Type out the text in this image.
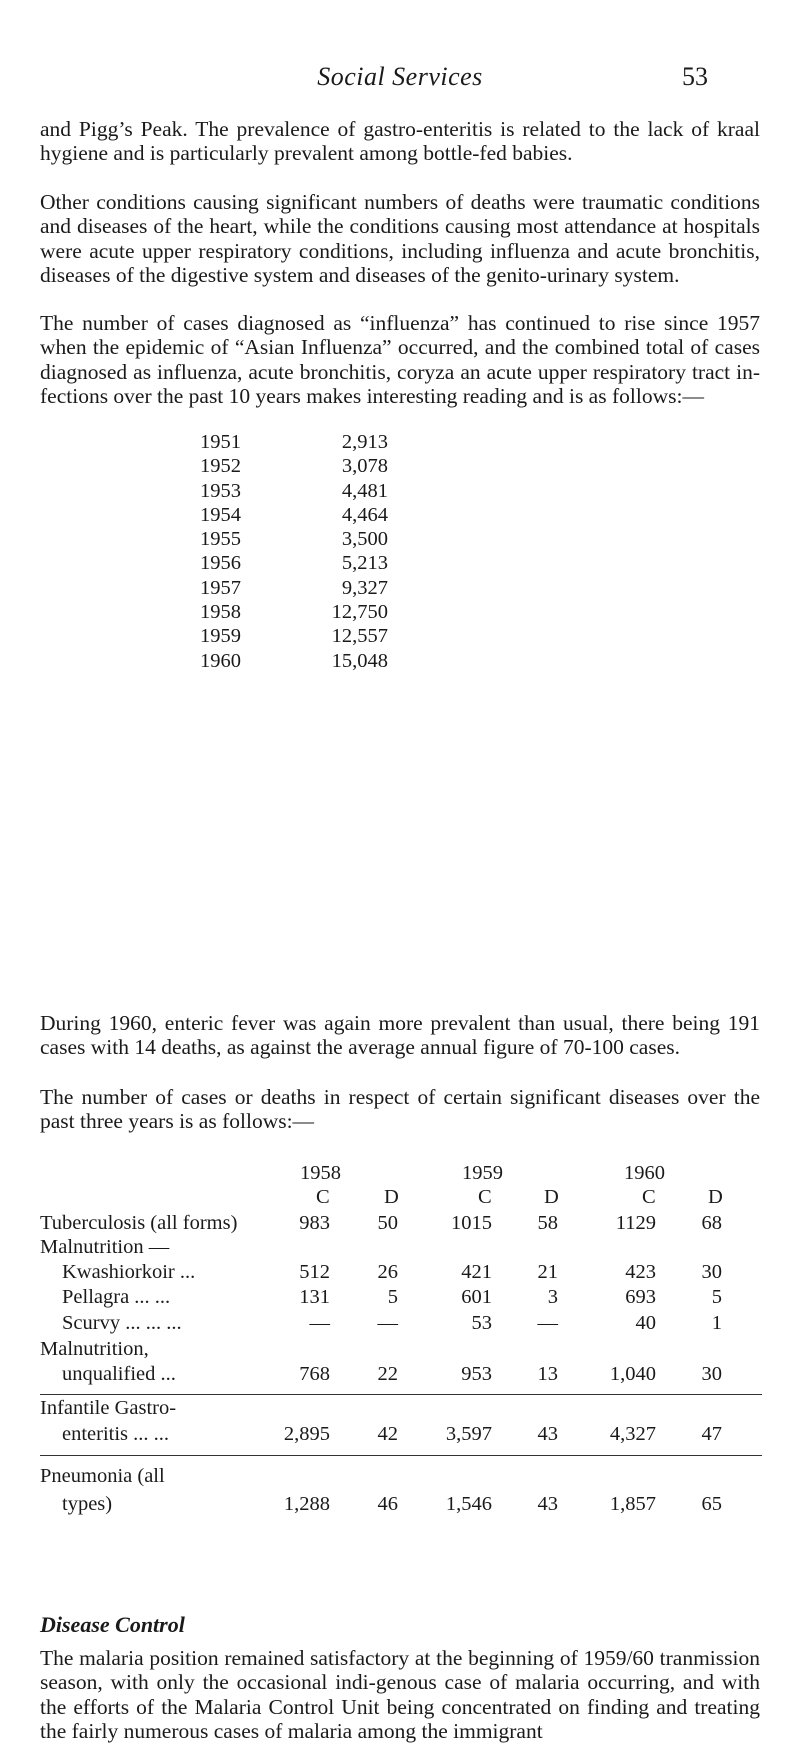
Social Services	53

and Pigg’s Peak. The prevalence of gastro-enteritis is related to the lack of kraal hygiene and is particularly prevalent among bottle-fed babies.

Other conditions causing significant numbers of deaths were traumatic conditions and diseases of the heart, while the conditions causing most attendance at hospitals were acute upper respiratory conditions, including influenza and acute bronchitis, diseases of the digestive system and diseases of the genito-urinary system.

The number of cases diagnosed as “influenza” has continued to rise since 1957 when the epidemic of “Asian Influenza” occurred, and the combined total of cases diagnosed as influenza, acute bronchitis, coryza an acute upper respiratory tract in-fections over the past 10 years makes interesting reading and is as follows:—

1951	2,913
1952	3,078
1953	4,481
1954	4,464
1955	3,500
1956	5,213
1957	9,327
1958	12,750
1959	12,557
1960	15,048

During 1960, enteric fever was again more prevalent than usual, there being 191 cases with 14 deaths, as against the average annual figure of 70-100 cases.

The number of cases or deaths in respect of certain significant diseases over the past three years is as follows:—

1958	1959	1960
C	D	C	D	C	D
Tuberculosis (all forms)	983	50	1015	58	1129	68
Malnutrition —
Kwashiorkoir ...	512	26	421	21	423	30
Pellagra ... ...	131	5	601	3	693	5
Scurvy ... ... ...	—	—	53	—	40	1
Malnutrition,
unqualified ...	768	22	953	13	1,040	30
Infantile Gastro-
enteritis ... ...	2,895	42	3,597	43	4,327	47
Pneumonia (all
types)	1,288	46	1,546	43	1,857	65
Disease Control

The malaria position remained satisfactory at the beginning of 1959/60 tranmission season, with only the occasional indi-genous case of malaria occurring, and with the efforts of the Malaria Control Unit being concentrated on finding and treating the fairly numerous cases of malaria among the immigrant
